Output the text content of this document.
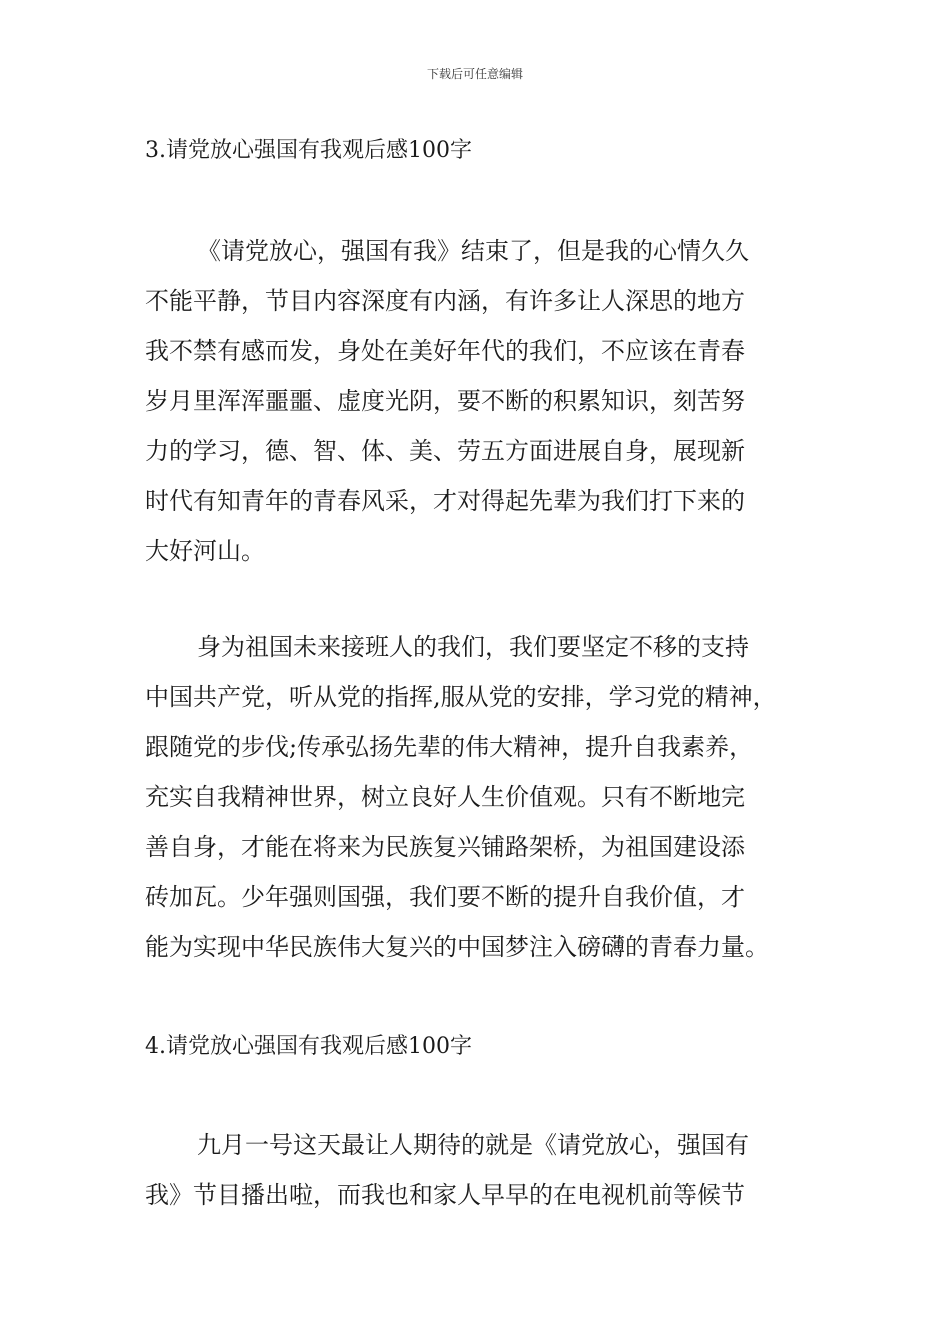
下载后可任意编辑
3.请党放心强国有我观后感100字
《请党放心，强国有我》结束了，但是我的心情久久
不能平静，节目内容深度有内涵，有许多让人深思的地方
我不禁有感而发，身处在美好年代的我们，不应该在青春
岁月里浑浑噩噩、虚度光阴，要不断的积累知识，刻苦努
力的学习，德、智、体、美、劳五方面进展自身，展现新
时代有知青年的青春风采，才对得起先辈为我们打下来的
大好河山。
身为祖国未来接班人的我们，我们要坚定不移的支持
中国共产党，听从党的指挥,服从党的安排，学习党的精神，
跟随党的步伐;传承弘扬先辈的伟大精神，提升自我素养，
充实自我精神世界，树立良好人生价值观。只有不断地完
善自身，才能在将来为民族复兴铺路架桥，为祖国建设添
砖加瓦。少年强则国强，我们要不断的提升自我价值，才
能为实现中华民族伟大复兴的中国梦注入磅礴的青春力量。
4.请党放心强国有我观后感100字
九月一号这天最让人期待的就是《请党放心，强国有
我》节目播出啦，而我也和家人早早的在电视机前等候节
